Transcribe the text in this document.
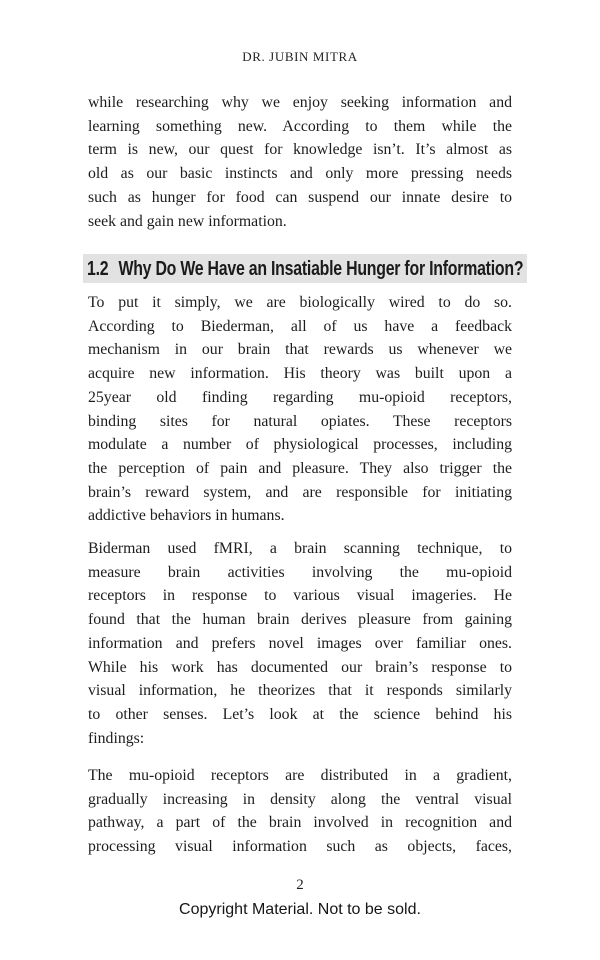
DR. JUBIN MITRA
while researching why we enjoy seeking information and
learning something new. According to them while the
term is new, our quest for knowledge isn’t. It’s almost as
old as our basic instincts and only more pressing needs
such as hunger for food can suspend our innate desire to
seek and gain new information.
1.2 Why Do We Have an Insatiable Hunger for Information?
To put it simply, we are biologically wired to do so.
According to Biederman, all of us have a feedback
mechanism in our brain that rewards us whenever we
acquire new information. His theory was built upon a
25year old finding regarding mu-opioid receptors,
binding sites for natural opiates. These receptors
modulate a number of physiological processes, including
the perception of pain and pleasure. They also trigger the
brain’s reward system, and are responsible for initiating
addictive behaviors in humans.
Biderman used fMRI, a brain scanning technique, to
measure brain activities involving the mu-opioid
receptors in response to various visual imageries. He
found that the human brain derives pleasure from gaining
information and prefers novel images over familiar ones.
While his work has documented our brain’s response to
visual information, he theorizes that it responds similarly
to other senses. Let’s look at the science behind his
findings:
The mu-opioid receptors are distributed in a gradient,
gradually increasing in density along the ventral visual
pathway, a part of the brain involved in recognition and
processing visual information such as objects, faces,
2
Copyright Material. Not to be sold.
